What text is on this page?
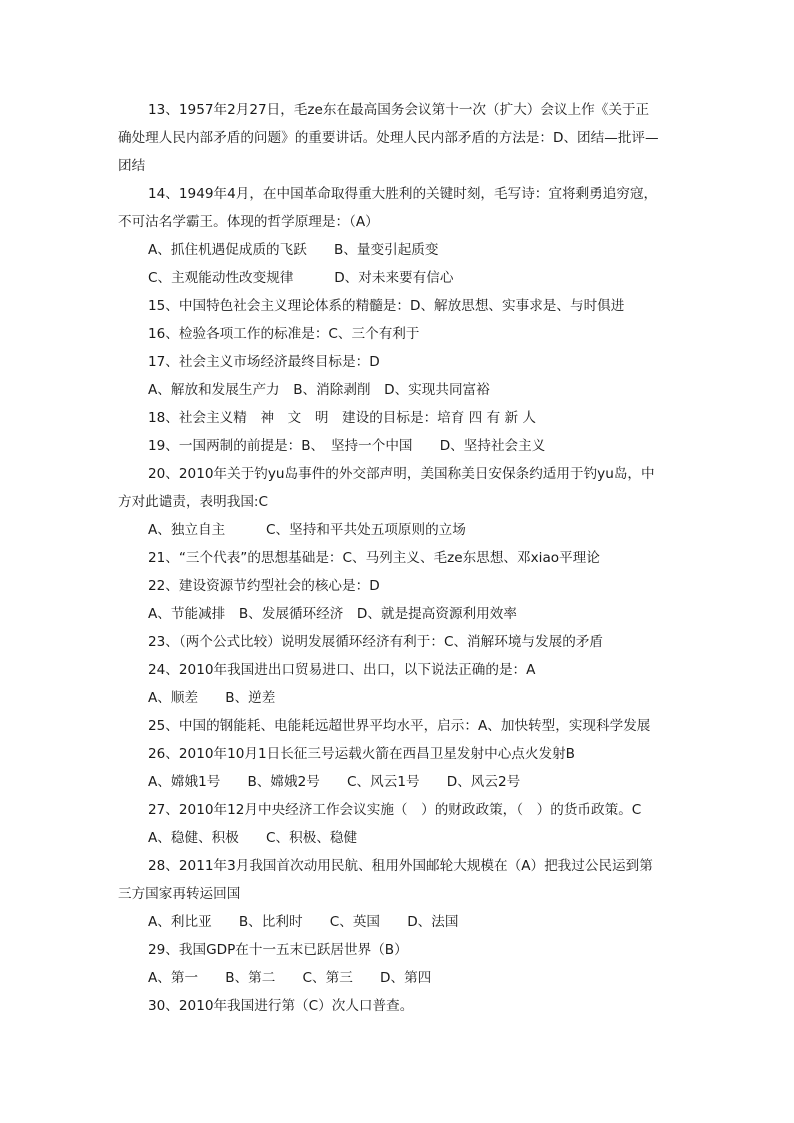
13、1957年2月27日，毛ze东在最高国务会议第十一次（扩大）会议上作《关于正
确处理人民内部矛盾的问题》的重要讲话。处理人民内部矛盾的方法是：D、团结—批评—
团结
14、1949年4月，在中国革命取得重大胜利的关键时刻，毛写诗：宜将剩勇追穷寇，
不可沽名学霸王。体现的哲学原理是：（A）
A、抓住机遇促成质的飞跃　　B、量变引起质变
C、主观能动性改变规律　　　D、对未来要有信心
15、中国特色社会主义理论体系的精髓是：D、解放思想、实事求是、与时俱进
16、检验各项工作的标准是：C、三个有利于
17、社会主义市场经济最终目标是：D
A、解放和发展生产力　B、消除剥削　D、实现共同富裕
18、社会主义精　神　文　明　建设的目标是：培育 四 有 新 人
19、一国两制的前提是：B、　坚持一个中国　　D、坚持社会主义
20、2010年关于钓yu岛事件的外交部声明，美国称美日安保条约适用于钓yu岛，中
方对此谴责，表明我国:C
A、独立自主　　　C、坚持和平共处五项原则的立场
21、“三个代表”的思想基础是：C、马列主义、毛ze东思想、邓xiao平理论
22、建设资源节约型社会的核心是：D
A、节能减排　B、发展循环经济　D、就是提高资源利用效率
23、（两个公式比较）说明发展循环经济有利于：C、消解环境与发展的矛盾
24、2010年我国进出口贸易进口、出口，以下说法正确的是：A
A、顺差　　B、逆差
25、中国的钢能耗、电能耗远超世界平均水平，启示：A、加快转型，实现科学发展
26、2010年10月1日长征三号运载火箭在西昌卫星发射中心点火发射B
A、嫦娥1号　　B、嫦娥2号　　C、风云1号　　D、风云2号
27、2010年12月中央经济工作会议实施（　）的财政政策，（　）的货币政策。C
A、稳健、积极　　C、积极、稳健
28、2011年3月我国首次动用民航、租用外国邮轮大规模在（A）把我过公民运到第
三方国家再转运回国
A、利比亚　　B、比利时　　C、英国　　D、法国
29、我国GDP在十一五末已跃居世界（B）
A、第一　　B、第二　　C、第三　　D、第四
30、2010年我国进行第（C）次人口普查。
